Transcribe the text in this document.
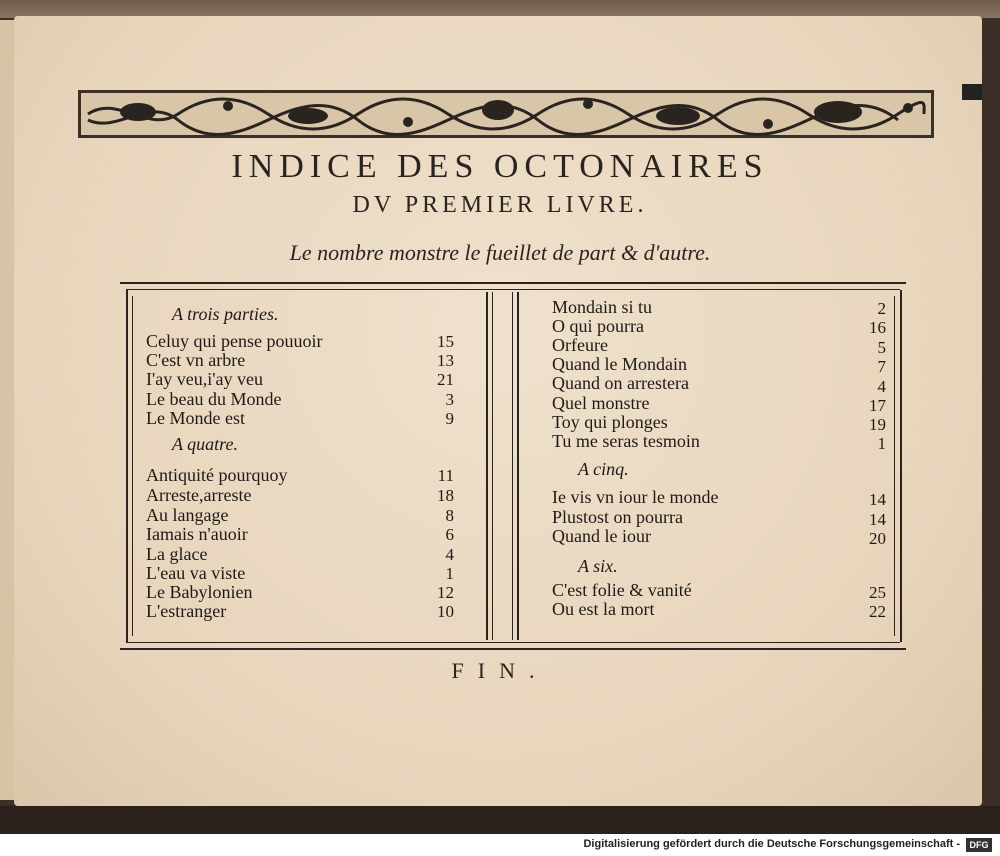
INDICE DES OCTONAIRES
DV PREMIER LIVRE.
Le nombre monstre le fueillet de part & d'autre.
A trois parties.
Celuy qui pense pouuoir	15
C'est vn arbre	13
I'ay veu,i'ay veu	21
Le beau du Monde	3
Le Monde est	9
A quatre.
Antiquité pourquoy	11
Arreste,arreste	18
Au langage	8
Iamais n'auoir	6
La glace	4
L'eau va viste	1
Le Babylonien	12
L'estranger	10
Mondain si tu	2
O qui pourra	16
Orfeure	5
Quand le Mondain	7
Quand on arrestera	4
Quel monstre	17
Toy qui plonges	19
Tu me seras tesmoin	1
A cinq.
Ie vis vn iour le monde	14
Plustost on pourra	14
Quand le iour	20
A six.
C'est folie & vanité	25
Ou est la mort	22
FIN.
Digitalisierung gefördert durch die Deutsche Forschungsgemeinschaft -	DFG
